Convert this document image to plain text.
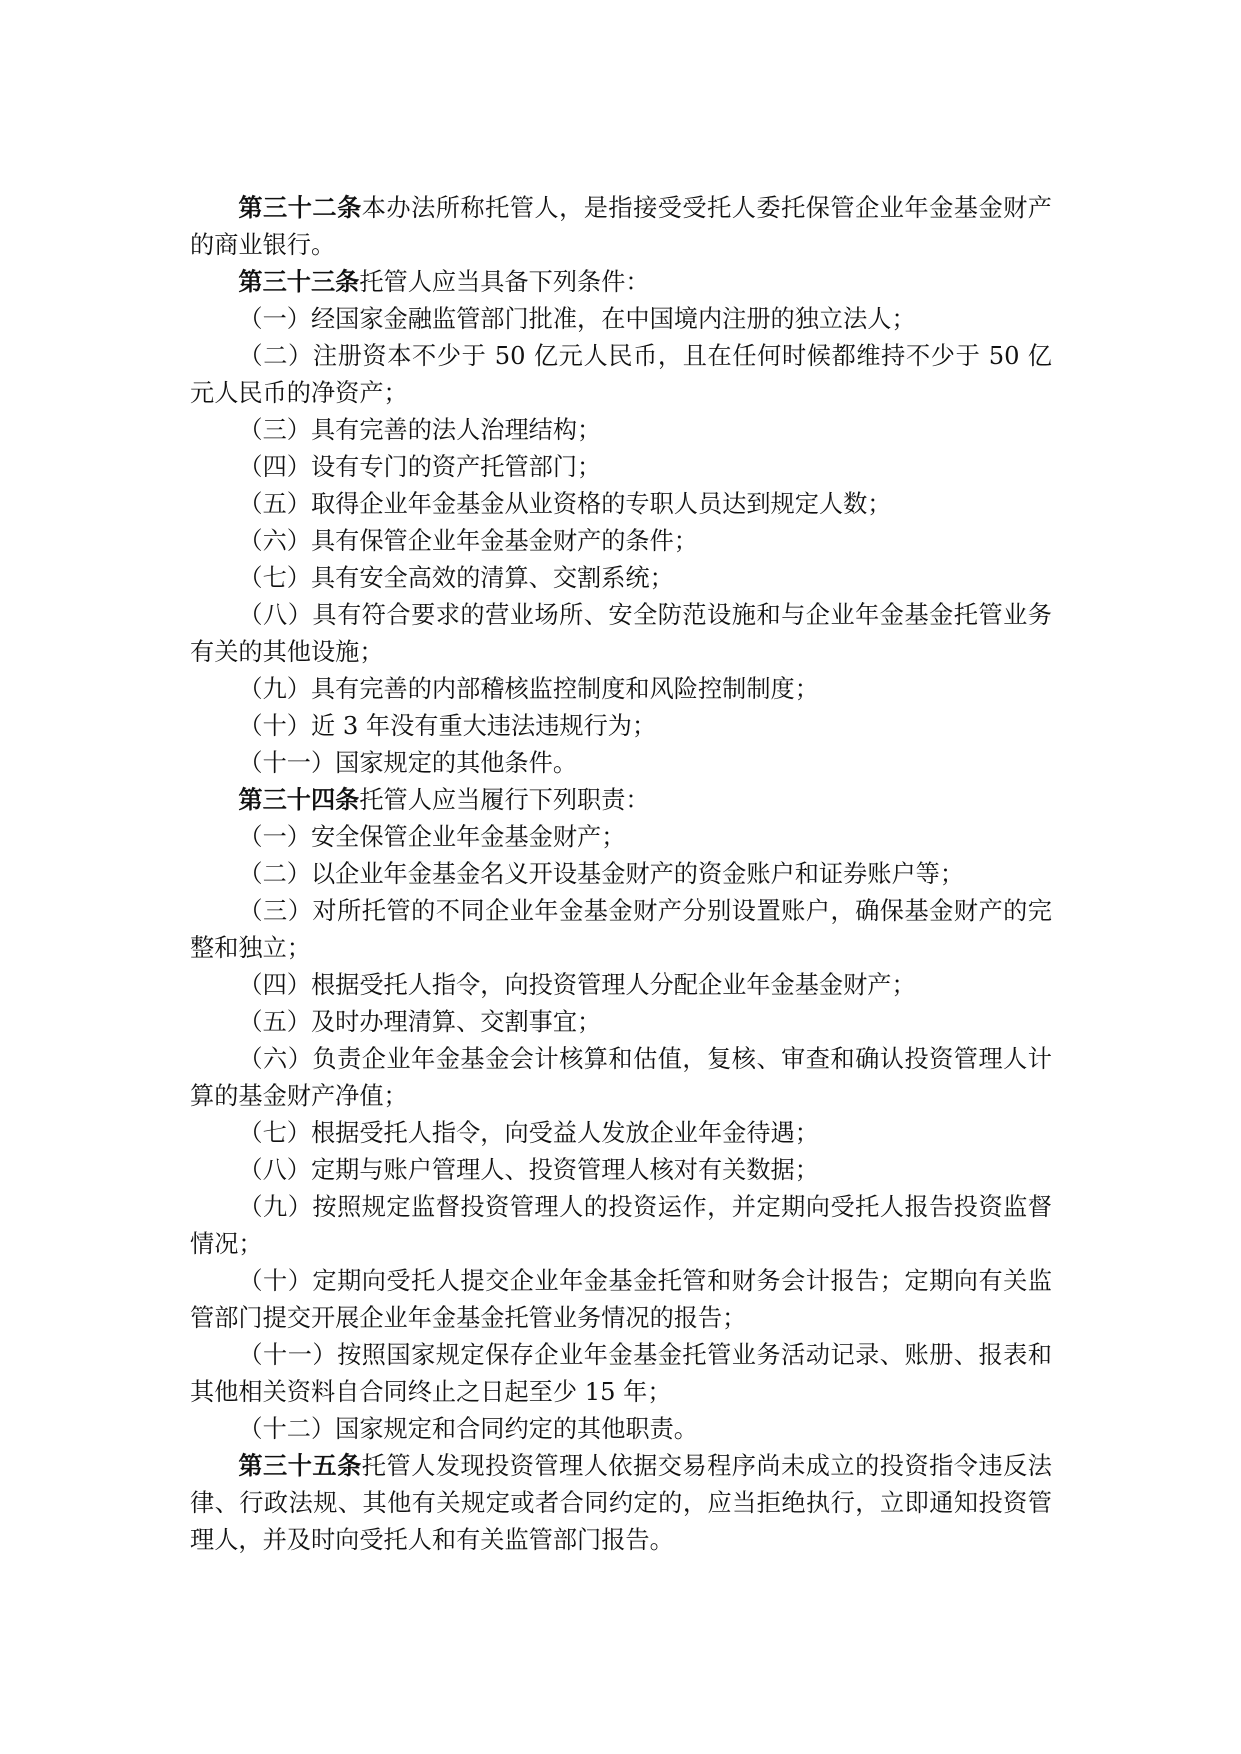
第三十二条本办法所称托管人，是指接受受托人委托保管企业年金基金财产的商业银行。

第三十三条托管人应当具备下列条件：

（一）经国家金融监管部门批准，在中国境内注册的独立法人；

（二）注册资本不少于 50 亿元人民币，且在任何时候都维持不少于 50 亿元人民币的净资产；

（三）具有完善的法人治理结构；

（四）设有专门的资产托管部门；

（五）取得企业年金基金从业资格的专职人员达到规定人数；

（六）具有保管企业年金基金财产的条件；

（七）具有安全高效的清算、交割系统；

（八）具有符合要求的营业场所、安全防范设施和与企业年金基金托管业务有关的其他设施；

（九）具有完善的内部稽核监控制度和风险控制制度；

（十）近 3 年没有重大违法违规行为；

（十一）国家规定的其他条件。

第三十四条托管人应当履行下列职责：

（一）安全保管企业年金基金财产；

（二）以企业年金基金名义开设基金财产的资金账户和证券账户等；

（三）对所托管的不同企业年金基金财产分别设置账户，确保基金财产的完整和独立；

（四）根据受托人指令，向投资管理人分配企业年金基金财产；

（五）及时办理清算、交割事宜；

（六）负责企业年金基金会计核算和估值，复核、审查和确认投资管理人计算的基金财产净值；

（七）根据受托人指令，向受益人发放企业年金待遇；

（八）定期与账户管理人、投资管理人核对有关数据；

（九）按照规定监督投资管理人的投资运作，并定期向受托人报告投资监督情况；

（十）定期向受托人提交企业年金基金托管和财务会计报告；定期向有关监管部门提交开展企业年金基金托管业务情况的报告；

（十一）按照国家规定保存企业年金基金托管业务活动记录、账册、报表和其他相关资料自合同终止之日起至少 15 年；

（十二）国家规定和合同约定的其他职责。

第三十五条托管人发现投资管理人依据交易程序尚未成立的投资指令违反法律、行政法规、其他有关规定或者合同约定的，应当拒绝执行，立即通知投资管理人，并及时向受托人和有关监管部门报告。
